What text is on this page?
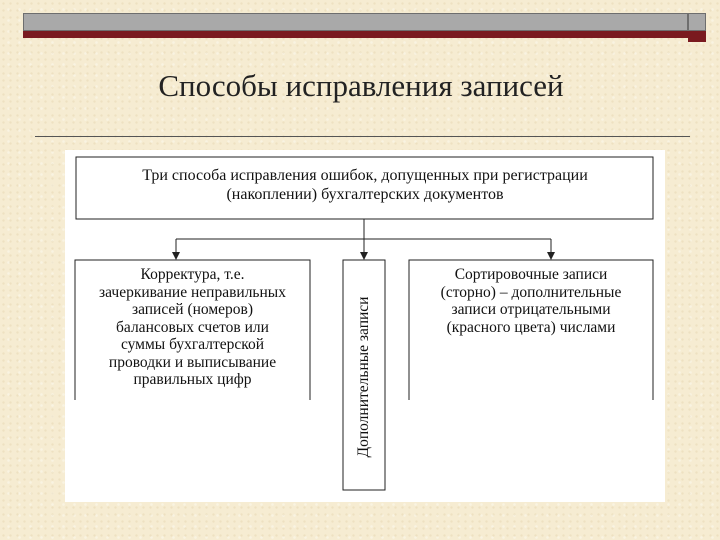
Способы исправления записей
Три способа исправления ошибок, допущенных при регистрации
(накоплении) бухгалтерских документов
Корректура, т.е.
зачеркивание неправильных
записей (номеров)
балансовых счетов или
суммы бухгалтерской
проводки и выписывание
правильных цифр	Дополнительные записи
Сортировочные записи
(сторно) – дополнительные
записи отрицательными
(красного цвета) числами
